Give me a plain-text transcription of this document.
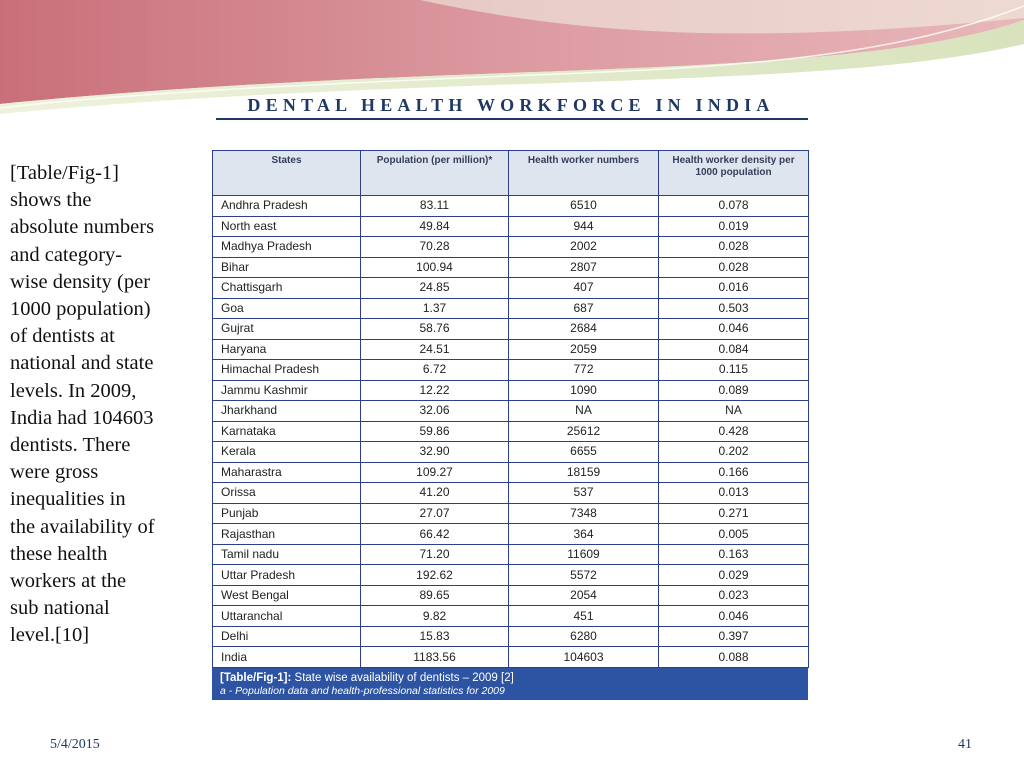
DENTAL HEALTH WORKFORCE IN INDIA
[Table/Fig-1]
shows the
absolute numbers
and category-
wise density (per
1000 population)
of dentists at
national and state
levels. In 2009,
India had 104603
dentists. There
were gross
inequalities in
the availability of
these health
workers at the
sub national
level.[10]
States	Population (per million)*	Health worker numbers	Health worker density per 1000 population
Andhra Pradesh	83.11	6510	0.078
North east	49.84	944	0.019
Madhya Pradesh	70.28	2002	0.028
Bihar	100.94	2807	0.028
Chattisgarh	24.85	407	0.016
Goa	1.37	687	0.503
Gujrat	58.76	2684	0.046
Haryana	24.51	2059	0.084
Himachal Pradesh	6.72	772	0.115
Jammu Kashmir	12.22	1090	0.089
Jharkhand	32.06	NA	NA
Karnataka	59.86	25612	0.428
Kerala	32.90	6655	0.202
Maharastra	109.27	18159	0.166
Orissa	41.20	537	0.013
Punjab	27.07	7348	0.271
Rajasthan	66.42	364	0.005
Tamil nadu	71.20	11609	0.163
Uttar Pradesh	192.62	5572	0.029
West Bengal	89.65	2054	0.023
Uttaranchal	9.82	451	0.046
Delhi	15.83	6280	0.397
India	1183.56	104603	0.088
[Table/Fig-1]: State wise availability of dentists – 2009 [2]
a - Population data and health-professional statistics for 2009
5/4/2015	41
